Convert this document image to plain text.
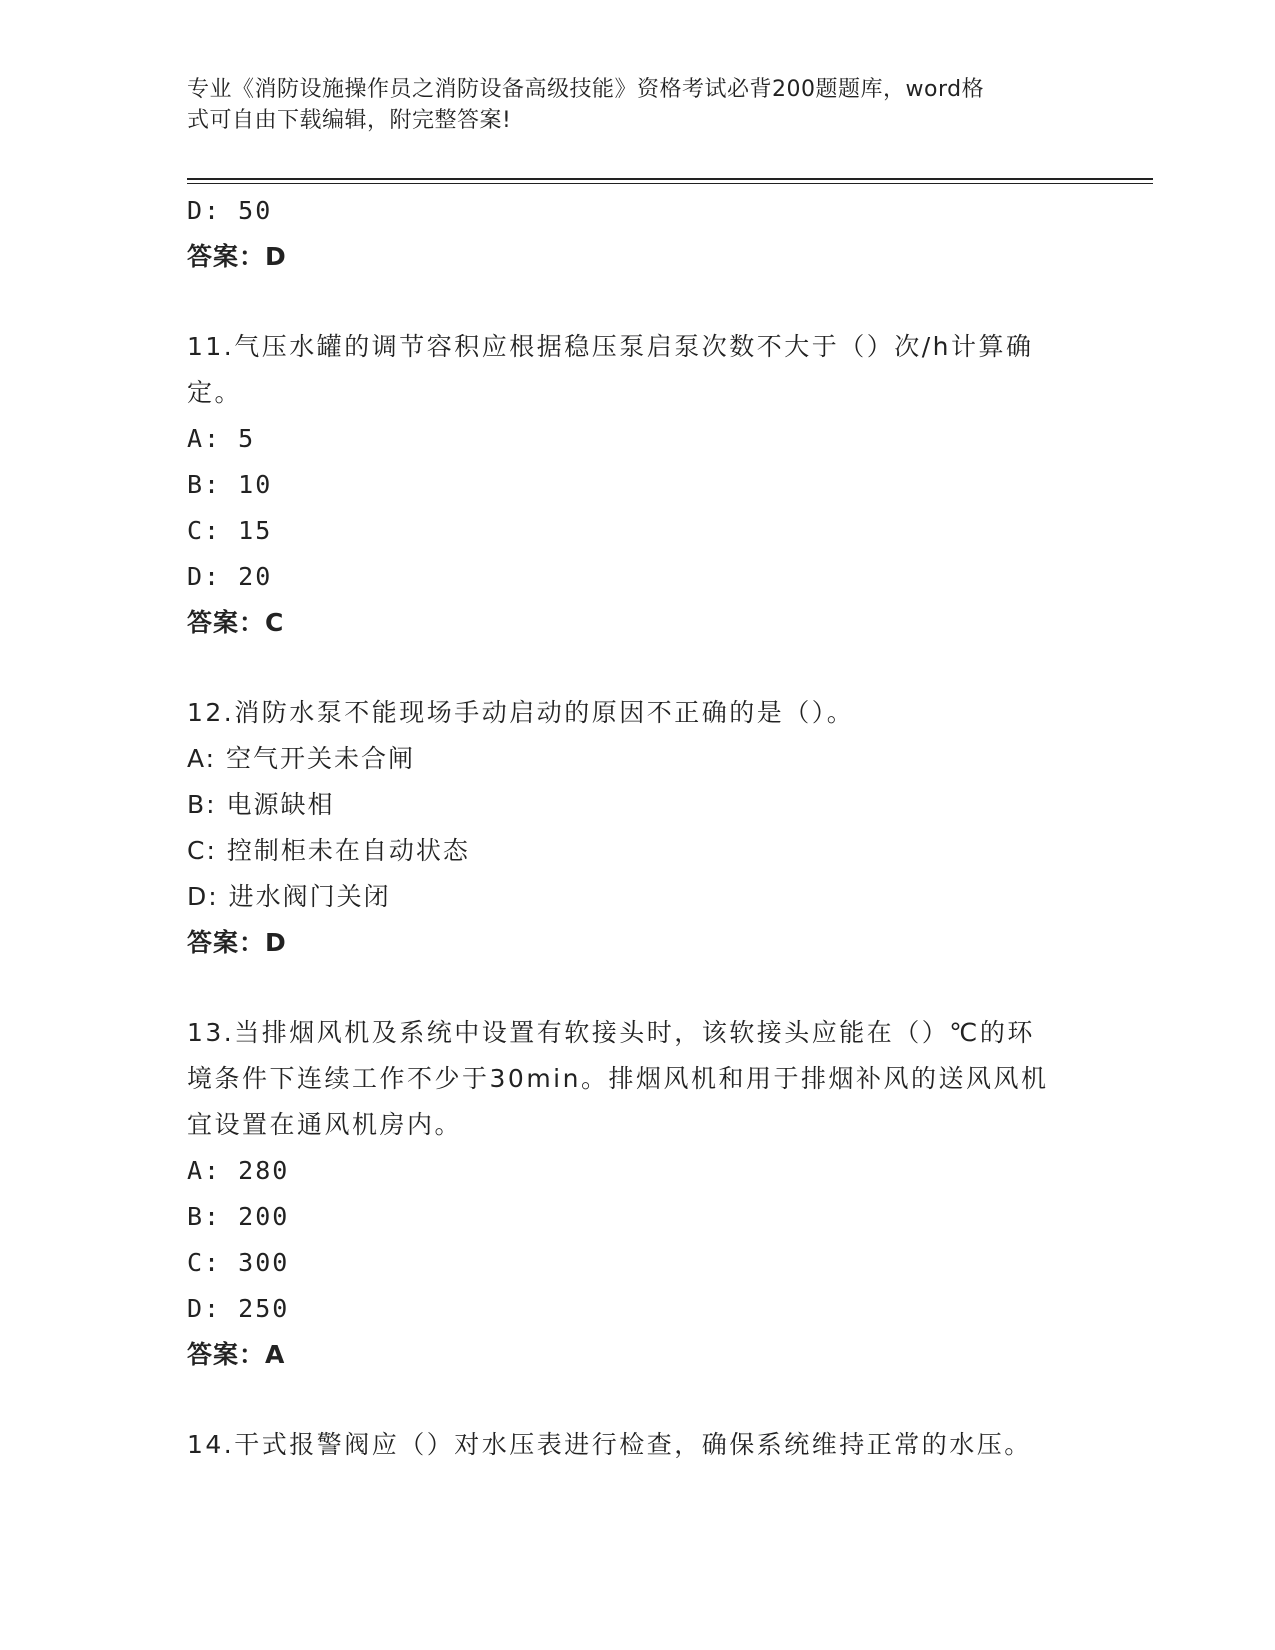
专业《消防设施操作员之消防设备高级技能》资格考试必背200题题库，word格
式可自由下载编辑，附完整答案!
D: 50
答案：D
11.气压水罐的调节容积应根据稳压泵启泵次数不大于（）次/h计算确
定。
A: 5
B: 10
C: 15
D: 20
答案：C
12.消防水泵不能现场手动启动的原因不正确的是（）。
A: 空气开关未合闸
B: 电源缺相
C: 控制柜未在自动状态
D: 进水阀门关闭
答案：D
13.当排烟风机及系统中设置有软接头时，该软接头应能在（）℃的环
境条件下连续工作不少于30min。排烟风机和用于排烟补风的送风风机
宜设置在通风机房内。
A: 280
B: 200
C: 300
D: 250
答案：A
14.干式报警阀应（）对水压表进行检查，确保系统维持正常的水压。
